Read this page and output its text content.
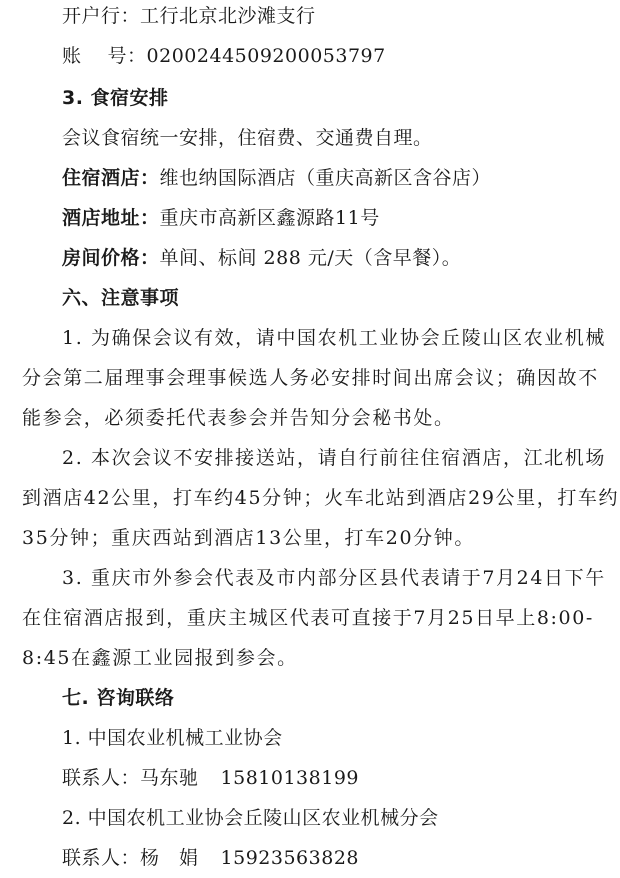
开户行：工行北京北沙滩支行
账　 号：0200244509200053797
3. 食宿安排
会议食宿统一安排，住宿费、交通费自理。
住宿酒店：维也纳国际酒店（重庆高新区含谷店）
酒店地址：重庆市高新区鑫源路11号
房间价格：单间、标间 288 元/天（含早餐）。
六、注意事项
1. 为确保会议有效，请中国农机工业协会丘陵山区农业机械
分会第二届理事会理事候选人务必安排时间出席会议；确因故不
能参会，必须委托代表参会并告知分会秘书处。
2. 本次会议不安排接送站，请自行前往住宿酒店，江北机场
到酒店42公里，打车约45分钟；火车北站到酒店29公里，打车约
35分钟；重庆西站到酒店13公里，打车20分钟。
3. 重庆市外参会代表及市内部分区县代表请于7月24日下午
在住宿酒店报到，重庆主城区代表可直接于7月25日早上8:00-
8:45在鑫源工业园报到参会。
七. 咨询联络
1. 中国农业机械工业协会
联系人：马东驰 15810138199
2. 中国农机工业协会丘陵山区农业机械分会
联系人：杨　娟 15923563828
